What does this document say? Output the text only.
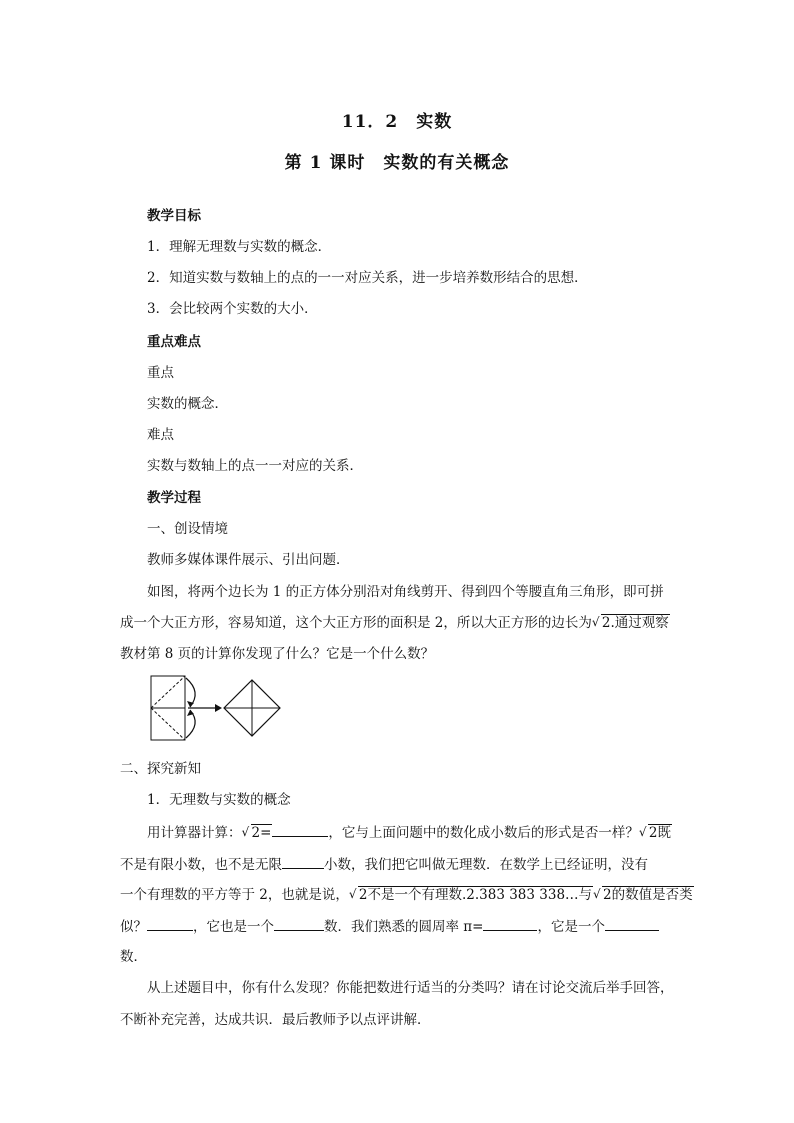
11．2　实数
第 1 课时　实数的有关概念
教学目标
1．理解无理数与实数的概念．
2．知道实数与数轴上的点的一一对应关系，进一步培养数形结合的思想．
3．会比较两个实数的大小．
重点难点
重点
实数的概念．
难点
实数与数轴上的点一一对应的关系．
教学过程
一、创设情境
教师多媒体课件展示、引出问题．
如图，将两个边长为 1 的正方体分别沿对角线剪开、得到四个等腰直角三角形，即可拼
成一个大正方形，容易知道，这个大正方形的面积是 2，所以大正方形的边长为 √ 2.通过观察
教材第 8 页的计算你发现了什么？它是一个什么数？
二、探究新知
1．无理数与实数的概念
用计算器计算： √ 2=	，它与上面问题中的数化成小数后的形式是否一样？ √ 2既
不是有限小数，也不是无限	小数，我们把它叫做无理数．在数学上已经证明，没有
一个有理数的平方等于 2，也就是说， √ 2不是一个有理数.2.383 383 338…与 √ 2的数值是否类
似？	，它也是一个	数．我们熟悉的圆周率 π=	，它是一个
数．
从上述题目中，你有什么发现？你能把数进行适当的分类吗？请在讨论交流后举手回答，
不断补充完善，达成共识．最后教师予以点评讲解．
